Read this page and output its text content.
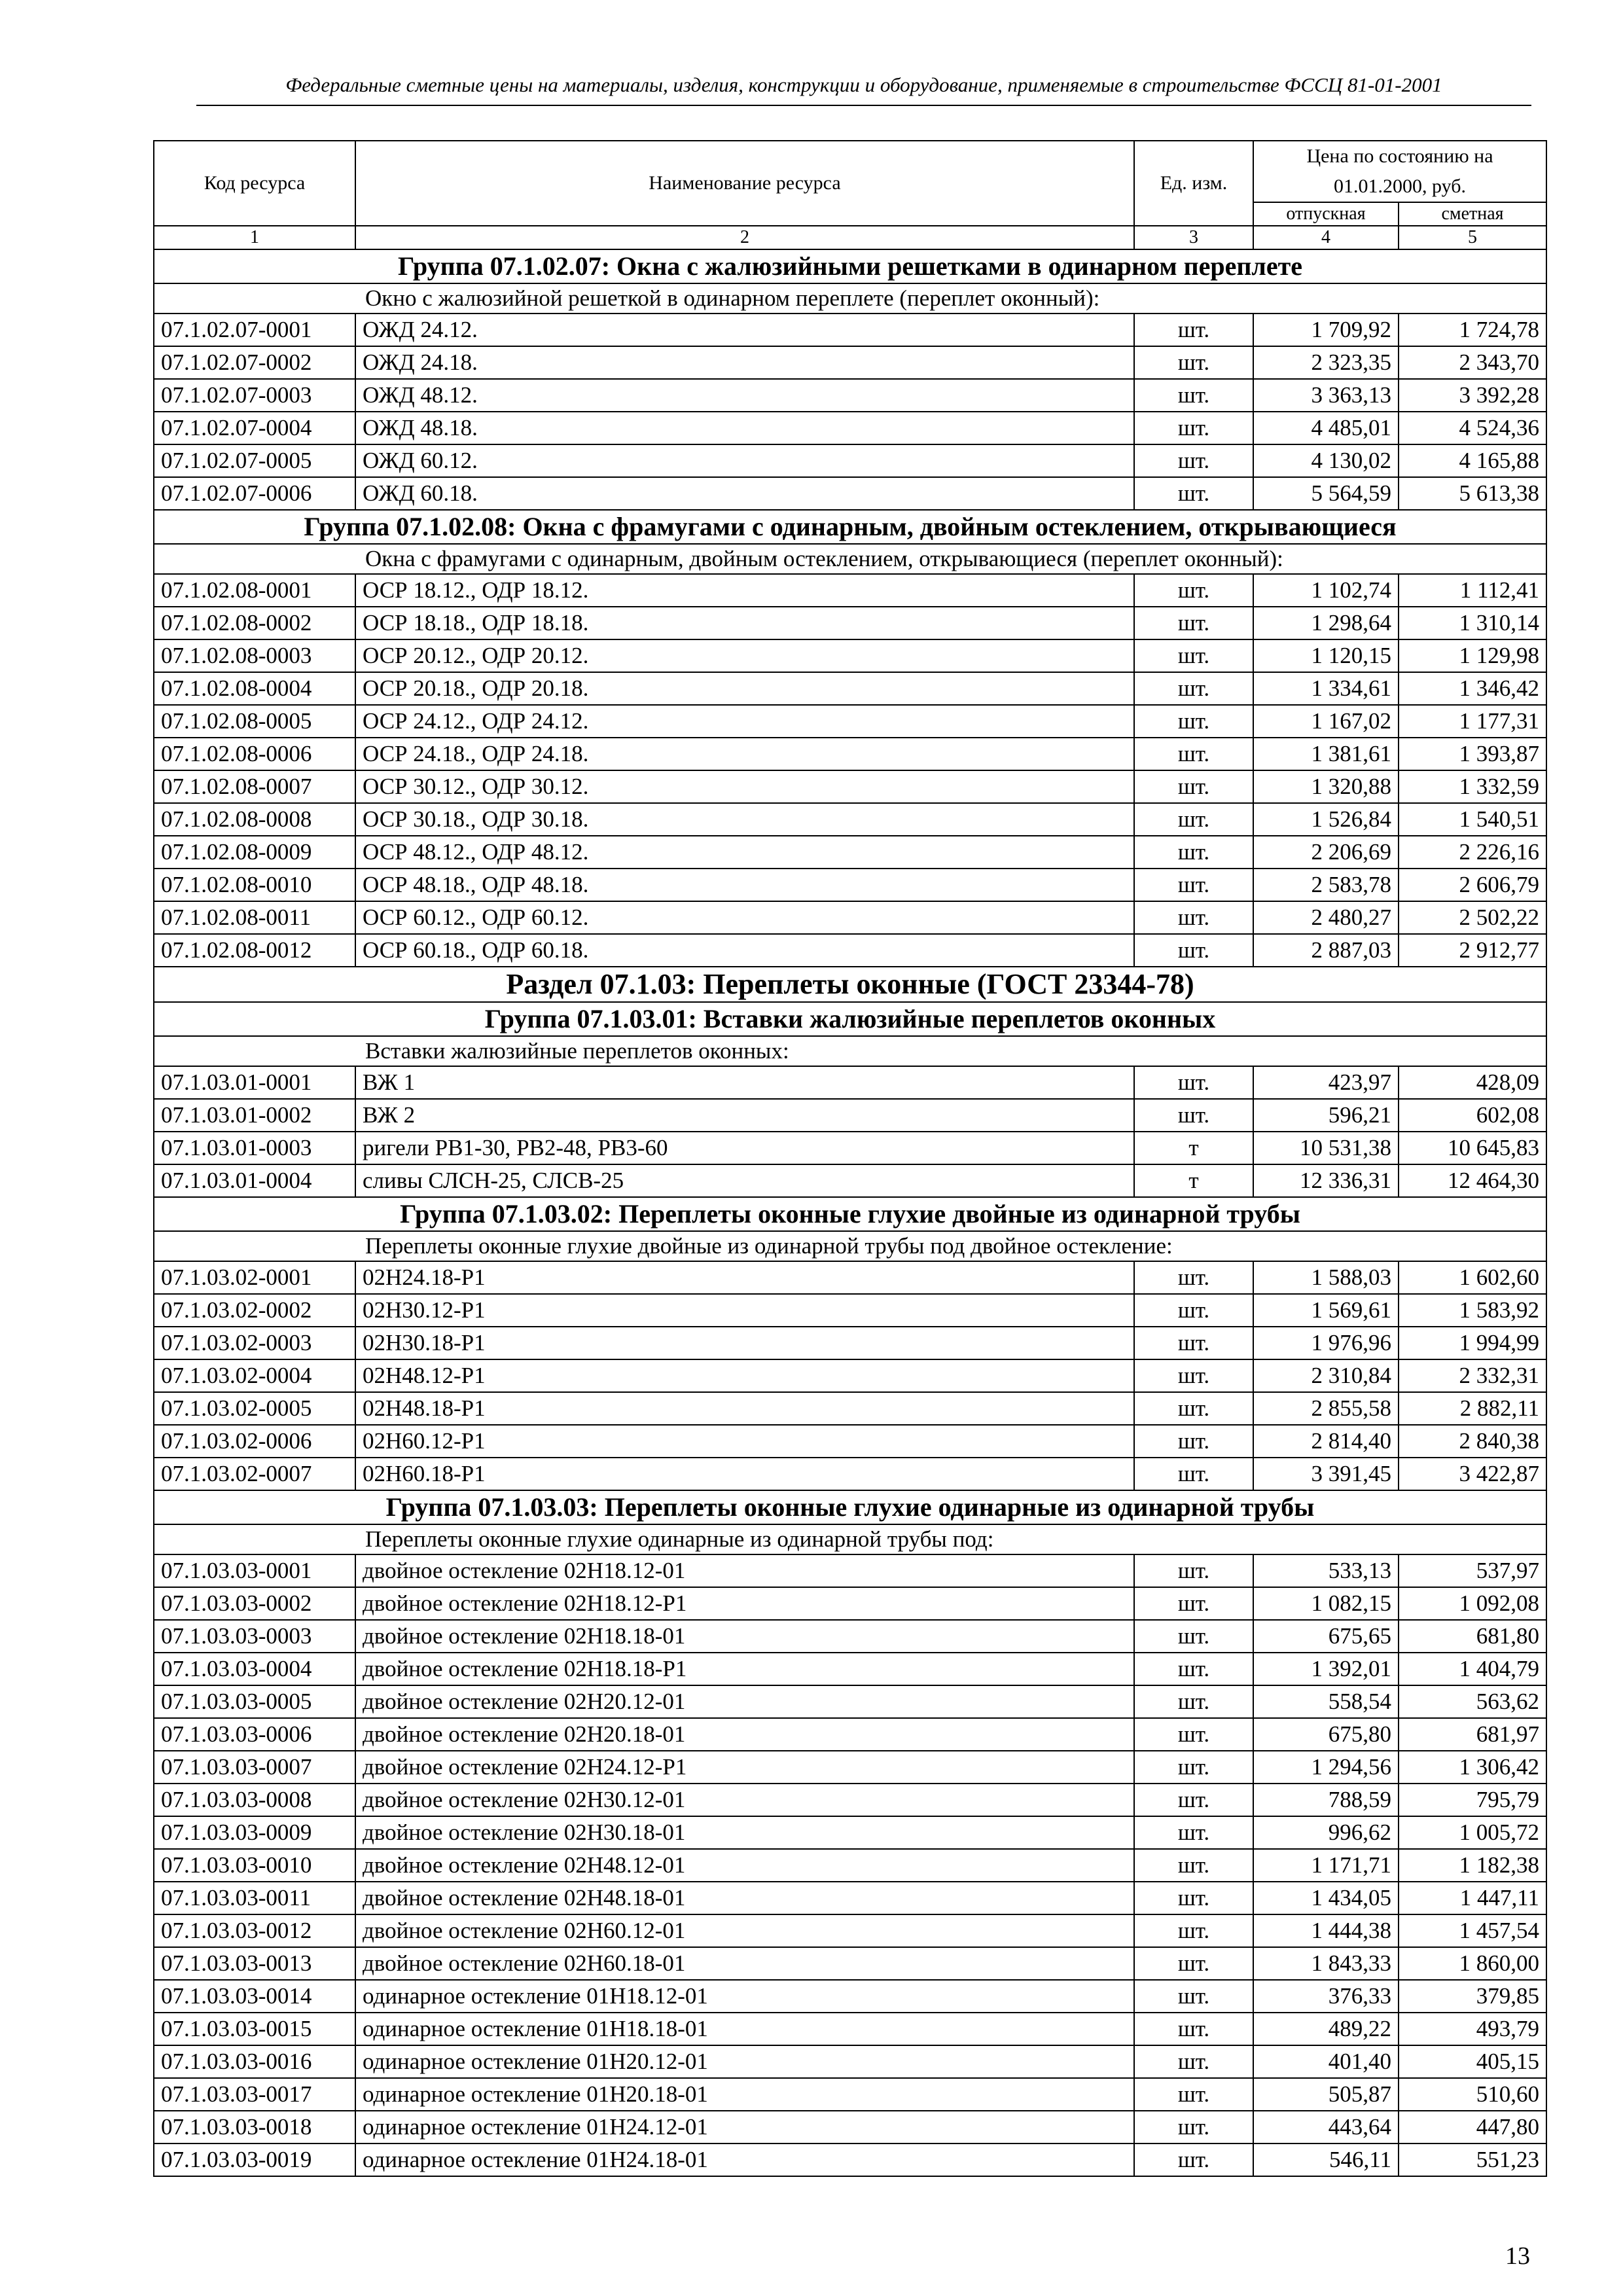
Федеральные сметные цены на материалы, изделия, конструкции и оборудование, применяемые в строительстве ФССЦ 81-01-2001
Код ресурса	Наименование ресурса	Ед. изм.	Цена по состоянию на 01.01.2000, руб.	
			отпускная	сметная
1	2	3	4	5
Группа 07.1.02.07: Окна с жалюзийными решетками в одинарном переплете				
Окно с жалюзийной решеткой в одинарном переплете (переплет оконный):				
07.1.02.07-0001	ОЖД 24.12.	шт.	1 709,92	1 724,78
07.1.02.07-0002	ОЖД 24.18.	шт.	2 323,35	2 343,70
07.1.02.07-0003	ОЖД 48.12.	шт.	3 363,13	3 392,28
07.1.02.07-0004	ОЖД 48.18.	шт.	4 485,01	4 524,36
07.1.02.07-0005	ОЖД 60.12.	шт.	4 130,02	4 165,88
07.1.02.07-0006	ОЖД 60.18.	шт.	5 564,59	5 613,38
Группа 07.1.02.08: Окна с фрамугами с одинарным, двойным остеклением, открывающиеся				
Окна с фрамугами с одинарным, двойным остеклением, открывающиеся (переплет оконный):				
07.1.02.08-0001	ОСР 18.12., ОДР 18.12.	шт.	1 102,74	1 112,41
07.1.02.08-0002	ОСР 18.18., ОДР 18.18.	шт.	1 298,64	1 310,14
07.1.02.08-0003	ОСР 20.12., ОДР 20.12.	шт.	1 120,15	1 129,98
07.1.02.08-0004	ОСР 20.18., ОДР 20.18.	шт.	1 334,61	1 346,42
07.1.02.08-0005	ОСР 24.12., ОДР 24.12.	шт.	1 167,02	1 177,31
07.1.02.08-0006	ОСР 24.18., ОДР 24.18.	шт.	1 381,61	1 393,87
07.1.02.08-0007	ОСР 30.12., ОДР 30.12.	шт.	1 320,88	1 332,59
07.1.02.08-0008	ОСР 30.18., ОДР 30.18.	шт.	1 526,84	1 540,51
07.1.02.08-0009	ОСР 48.12., ОДР 48.12.	шт.	2 206,69	2 226,16
07.1.02.08-0010	ОСР 48.18., ОДР 48.18.	шт.	2 583,78	2 606,79
07.1.02.08-0011	ОСР 60.12., ОДР 60.12.	шт.	2 480,27	2 502,22
07.1.02.08-0012	ОСР 60.18., ОДР 60.18.	шт.	2 887,03	2 912,77
Раздел 07.1.03: Переплеты оконные (ГОСТ 23344-78)				
Группа 07.1.03.01: Вставки жалюзийные переплетов оконных				
Вставки жалюзийные переплетов оконных:				
07.1.03.01-0001	ВЖ 1	шт.	423,97	428,09
07.1.03.01-0002	ВЖ 2	шт.	596,21	602,08
07.1.03.01-0003	ригели РВ1-30, РВ2-48, РВ3-60	т	10 531,38	10 645,83
07.1.03.01-0004	сливы СЛСН-25, СЛСВ-25	т	12 336,31	12 464,30
Группа 07.1.03.02: Переплеты оконные глухие двойные из одинарной трубы				
Переплеты оконные глухие двойные из одинарной трубы под двойное остекление:				
07.1.03.02-0001	02Н24.18-Р1	шт.	1 588,03	1 602,60
07.1.03.02-0002	02Н30.12-Р1	шт.	1 569,61	1 583,92
07.1.03.02-0003	02Н30.18-Р1	шт.	1 976,96	1 994,99
07.1.03.02-0004	02Н48.12-Р1	шт.	2 310,84	2 332,31
07.1.03.02-0005	02Н48.18-Р1	шт.	2 855,58	2 882,11
07.1.03.02-0006	02Н60.12-Р1	шт.	2 814,40	2 840,38
07.1.03.02-0007	02Н60.18-Р1	шт.	3 391,45	3 422,87
Группа 07.1.03.03: Переплеты оконные глухие одинарные из одинарной трубы				
Переплеты оконные глухие одинарные из одинарной трубы под:				
07.1.03.03-0001	двойное остекление 02Н18.12-01	шт.	533,13	537,97
07.1.03.03-0002	двойное остекление 02Н18.12-Р1	шт.	1 082,15	1 092,08
07.1.03.03-0003	двойное остекление 02Н18.18-01	шт.	675,65	681,80
07.1.03.03-0004	двойное остекление 02Н18.18-Р1	шт.	1 392,01	1 404,79
07.1.03.03-0005	двойное остекление 02Н20.12-01	шт.	558,54	563,62
07.1.03.03-0006	двойное остекление 02Н20.18-01	шт.	675,80	681,97
07.1.03.03-0007	двойное остекление 02Н24.12-Р1	шт.	1 294,56	1 306,42
07.1.03.03-0008	двойное остекление 02Н30.12-01	шт.	788,59	795,79
07.1.03.03-0009	двойное остекление 02Н30.18-01	шт.	996,62	1 005,72
07.1.03.03-0010	двойное остекление 02Н48.12-01	шт.	1 171,71	1 182,38
07.1.03.03-0011	двойное остекление 02Н48.18-01	шт.	1 434,05	1 447,11
07.1.03.03-0012	двойное остекление 02Н60.12-01	шт.	1 444,38	1 457,54
07.1.03.03-0013	двойное остекление 02Н60.18-01	шт.	1 843,33	1 860,00
07.1.03.03-0014	одинарное остекление 01Н18.12-01	шт.	376,33	379,85
07.1.03.03-0015	одинарное остекление 01Н18.18-01	шт.	489,22	493,79
07.1.03.03-0016	одинарное остекление 01Н20.12-01	шт.	401,40	405,15
07.1.03.03-0017	одинарное остекление 01Н20.18-01	шт.	505,87	510,60
07.1.03.03-0018	одинарное остекление 01Н24.12-01	шт.	443,64	447,80
07.1.03.03-0019	одинарное остекление 01Н24.18-01	шт.	546,11	551,23
13
